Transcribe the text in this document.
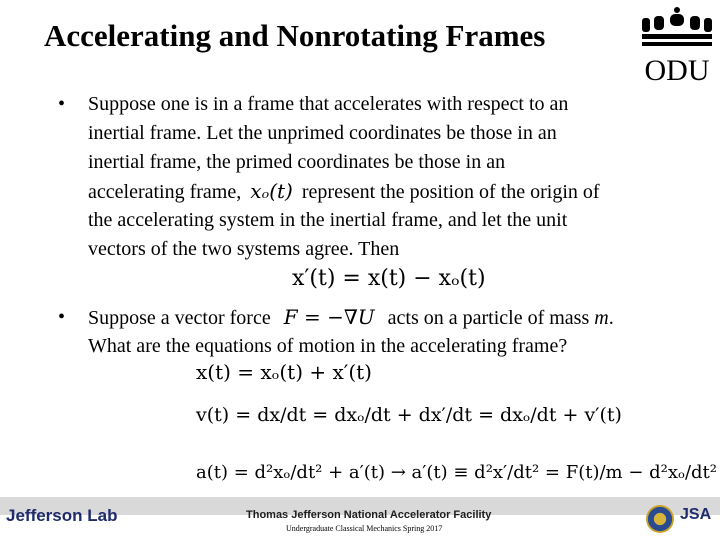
Accelerating and Nonrotating Frames
ODU
• Suppose one is in a frame that accelerates with respect to an
inertial frame. Let the unprimed coordinates be those in an
inertial frame, the primed coordinates be those in an
accelerating frame, xₒ(t) represent the position of the origin of
the accelerating system in the inertial frame, and let the unit
vectors of the two systems agree. Then
x′(t) = x(t) − xₒ(t)
• Suppose a vector force F = −∇U acts on a particle of mass m.
What are the equations of motion in the accelerating frame?
x(t) = xₒ(t) + x′(t)
v(t) = dx/dt = dxₒ/dt + dx′/dt = dxₒ/dt + v′(t)
a(t) = d²xₒ/dt² + a′(t) → a′(t) ≡ d²x′/dt² = F(t)/m − d²xₒ/dt²
Jefferson Lab	Thomas Jefferson National Accelerator Facility
Undergraduate Classical Mechanics Spring 2017
JSA
